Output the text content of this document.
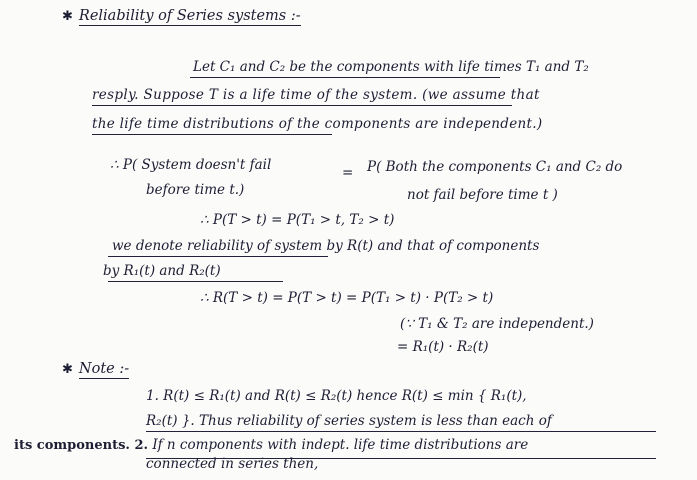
✱ Reliability of Series systems :-
Let C₁ and C₂ be the components with life times T₁ and T₂
resply. Suppose T is a life time of the system. (we assume that
the life time distributions of the components are independent.)
∴ P( System doesn't fail	= P( Both the components C₁ and C₂ do
before time t.)	not fail before time t )
∴ P(T > t) = P(T₁ > t, T₂ > t)
we denote reliability of system by R(t) and that of components
by R₁(t) and R₂(t)
∴ R(T > t) = P(T > t) = P(T₁ > t) · P(T₂ > t)
(∵ T₁ & T₂ are independent.)
= R₁(t) · R₂(t)
✱ Note :-
1. R(t) ≤ R₁(t) and R(t) ≤ R₂(t) hence R(t) ≤ min { R₁(t),
R₂(t) }. Thus reliability of series system is less than each of
its components. 2. If n components with indept. life time distributions are
connected in series then,
